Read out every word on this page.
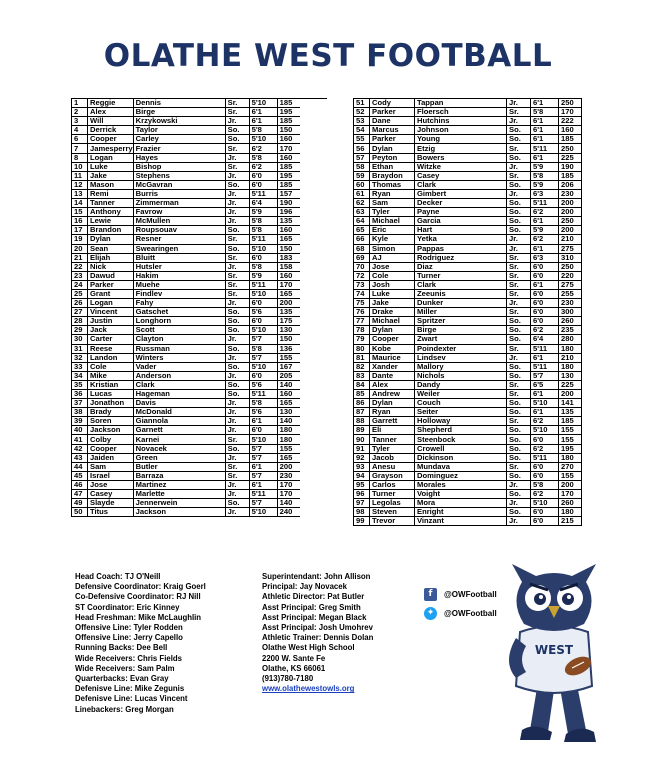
OLATHE WEST FOOTBALL
1	Reggie	Dennis	Sr.	5'10	185	
2	Alex	Birge	Sr.	6'1	195	
3	Will	Krzykowski	Jr.	6'1	185	
4	Derrick	Taylor	So.	5'8	150	
6	Cooper	Carley	So.	5'10	160	
7	Jamesperry	Frazier	Sr.	6'2	170	
8	Logan	Hayes	Jr.	5'8	160	
10	Luke	Bishop	Sr.	6'2	185	
11	Jake	Stephens	Jr.	6'0	195	
12	Mason	McGavran	So.	6'0	185	
13	Remi	Burris	Jr.	5'11	157	
14	Tanner	Zimmerman	Jr.	6'4	190	
15	Anthony	Favrow	Jr.	5'9	196	
16	Lewie	McMullen	Jr.	5'8	135	
17	Brandon	Roupsouav	So.	5'8	160	
19	Dylan	Resner	Sr.	5'11	165	
20	Sean	Swearingen	So.	5'10	150	
21	Elijah	Bluitt	Sr.	6'0	183	
22	Nick	Hutsler	Jr.	5'8	158	
23	Dawud	Hakim	Sr.	5'9	160	
24	Parker	Muehe	Sr.	5'11	170	
25	Grant	Findlev	Sr.	5'10	165	
26	Logan	Fahy	Jr.	6'0	200	
27	Vincent	Gatschet	So.	5'6	135	
28	Justin	Longhorn	So.	6'0	175	
29	Jack	Scott	So.	5'10	130	
30	Carter	Clayton	Jr.	5'7	150	
31	Reese	Russman	So.	5'8	136	
32	Landon	Winters	Jr.	5'7	155	
33	Cole	Vader	So.	5'10	167	
34	Mike	Anderson	Jr.	6'0	205	
35	Kristian	Clark	So.	5'6	140	
36	Lucas	Hageman	So.	5'11	160	
37	Jonathon	Davis	Jr.	5'8	165	
38	Brady	McDonald	Jr.	5'6	130	
39	Soren	Giannola	Jr.	6'1	140	
40	Jackson	Garnett	Jr.	6'0	180	
41	Colby	Karnei	Sr.	5'10	180	
42	Cooper	Novacek	So.	5'7	155	
43	Jaiden	Green	Jr.	5'7	165	
44	Sam	Butler	Sr.	6'1	200	
45	Israel	Barraza	Sr.	5'7	230	
46	Jose	Martinez	Jr.	6'1	170	
47	Casey	Marlette	Jr.	5'11	170	
49	Slayde	Jennerwein	So.	5'7	140	
50	Titus	Jackson	Jr.	5'10	240	
51	Cody	Tappan	Jr.	6'1	250
52	Parker	Floersch	Sr.	5'8	170
53	Dane	Hutchins	Jr.	6'1	222
54	Marcus	Johnson	So.	6'1	160
55	Parker	Young	So.	6'1	185
56	Dylan	Etzig	Sr.	5'11	250
57	Peyton	Bowers	So.	6'1	225
58	Ethan	Witzke	Jr.	5'9	190
59	Braydon	Casey	Sr.	5'8	185
60	Thomas	Clark	So.	5'9	206
61	Ryan	Gimbert	Jr.	6'3	230
62	Sam	Decker	So.	5'11	200
63	Tyler	Payne	So.	6'2	200
64	Michael	Garcia	So.	6'1	250
65	Eric	Hart	So.	5'9	200
66	Kyle	Yetka	Jr.	6'2	210
68	Simon	Pappas	Jr.	6'1	275
69	AJ	Rodriguez	Sr.	6'3	310
70	Jose	Diaz	Sr.	6'0	250
72	Cole	Turner	Sr.	6'0	220
73	Josh	Clark	Sr.	6'1	275
74	Luke	Zeeunis	Sr.	6'0	255
75	Jake	Dunker	Jr.	6'0	230
76	Drake	Miller	Sr.	6'0	300
77	Michael	Spritzer	So.	6'0	260
78	Dylan	Birge	So.	6'2	235
79	Cooper	Zwart	So.	6'4	280
80	Kobe	Poindexter	Sr.	5'11	180
81	Maurice	Lindsev	Jr.	6'1	210
82	Xander	Mallory	So.	5'11	180
83	Dante	Nichols	So.	5'7	130
84	Alex	Dandy	Sr.	6'5	225
85	Andrew	Weiler	Sr.	6'1	200
86	Dylan	Couch	So.	5'10	141
87	Ryan	Seiter	So.	6'1	135
88	Garrett	Holloway	Sr.	6'2	185
89	Eli	Shepherd	So.	5'10	155
90	Tanner	Steenbock	So.	6'0	155
91	Tyler	Crowell	So.	6'2	195
92	Jacob	Dickinson	So.	5'11	180
93	Anesu	Mundava	Sr.	6'0	270
94	Grayson	Dominguez	So.	6'0	155
95	Carlos	Morales	Jr.	5'8	200
96	Turner	Voight	So.	6'2	170
97	Legolas	Mora	Jr.	5'10	260
98	Steven	Enright	So.	6'0	180
99	Trevor	Vinzant	Jr.	6'0	215
Head Coach: TJ O'Neill
Defensive Coordinator: Kraig Goerl
Co-Defensive Coordinator: RJ Nill
ST Coordinator: Eric Kinney
Head Freshman: Mike McLaughlin
Offensive Line: Tyler Rodden
Offensive Line: Jerry Capello
Running Backs: Dee Bell
Wide Receivers: Chris Fields
Wide Receivers: Sam Palm
Quarterbacks: Evan Gray
Defenisve Line: Mike Zegunis
Defenisve Line: Lucas Vincent
Linebackers: Greg Morgan
Superintendant: John Allison
Principal: Jay Novacek
Athletic Director: Pat Butler
Asst Principal: Greg Smith
Asst Principal: Megan Black
Asst Principal: Josh Umohrev
Athletic Trainer: Dennis Dolan
Olathe West High School
2200 W. Sante Fe
Olathe, KS 66061
(913)780-7180
www.olathewestowls.org
f	@OWFootball
✦	@OWFootball
WEST
